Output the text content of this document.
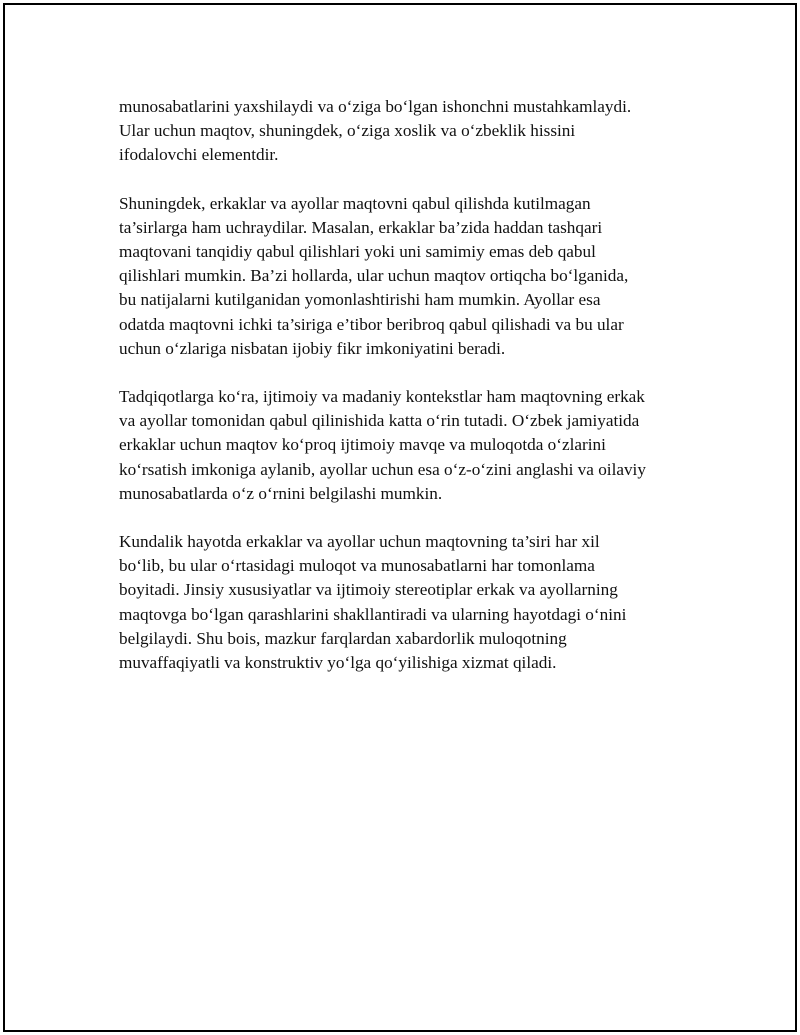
munosabatlarini yaxshilaydi va o‘ziga bo‘lgan ishonchni mustahkamlaydi.
Ular uchun maqtov, shuningdek, o‘ziga xoslik va o‘zbeklik hissini
ifodalovchi elementdir.

Shuningdek, erkaklar va ayollar maqtovni qabul qilishda kutilmagan
ta’sirlarga ham uchraydilar. Masalan, erkaklar ba’zida haddan tashqari
maqtovani tanqidiy qabul qilishlari yoki uni samimiy emas deb qabul
qilishlari mumkin. Ba’zi hollarda, ular uchun maqtov ortiqcha bo‘lganida,
bu natijalarni kutilganidan yomonlashtirishi ham mumkin. Ayollar esa
odatda maqtovni ichki ta’siriga e’tibor beribroq qabul qilishadi va bu ular
uchun o‘zlariga nisbatan ijobiy fikr imkoniyatini beradi.

Tadqiqotlarga ko‘ra, ijtimoiy va madaniy kontekstlar ham maqtovning erkak
va ayollar tomonidan qabul qilinishida katta o‘rin tutadi. O‘zbek jamiyatida
erkaklar uchun maqtov ko‘proq ijtimoiy mavqe va muloqotda o‘zlarini
ko‘rsatish imkoniga aylanib, ayollar uchun esa o‘z-o‘zini anglashi va oilaviy
munosabatlarda o‘z o‘rnini belgilashi mumkin.

Kundalik hayotda erkaklar va ayollar uchun maqtovning ta’siri har xil
bo‘lib, bu ular o‘rtasidagi muloqot va munosabatlarni har tomonlama
boyitadi. Jinsiy xususiyatlar va ijtimoiy stereotiplar erkak va ayollarning
maqtovga bo‘lgan qarashlarini shakllantiradi va ularning hayotdagi o‘nini
belgilaydi. Shu bois, mazkur farqlardan xabardorlik muloqotning
muvaffaqiyatli va konstruktiv yo‘lga qo‘yilishiga xizmat qiladi.
